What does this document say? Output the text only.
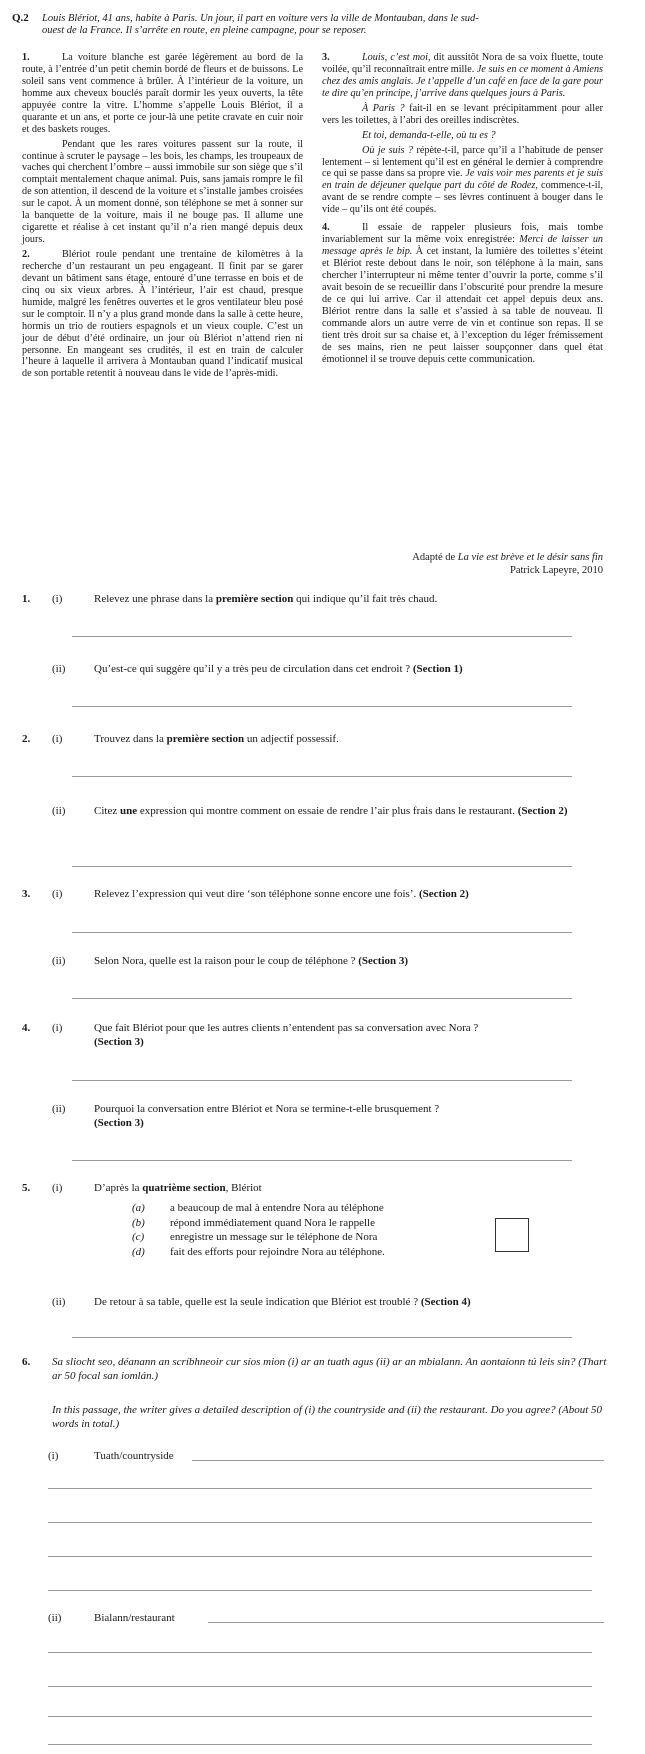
Q.2 Louis Blériot, 41 ans, habite à Paris. Un jour, il part en voiture vers la ville de Montauban, dans le sud-
ouest de la France. Il s’arrête en route, en pleine campagne, pour se reposer.

1.	La voiture blanche est garée légèrement au bord de la route, à l’entrée d’un petit chemin bordé de fleurs et de buissons. Le soleil sans vent commence à brûler. À l’intérieur de la voiture, un homme aux cheveux bouclés paraît dormir les yeux ouverts, la tête appuyée contre la vitre. L’homme s’appelle Louis Blériot, il a quarante et un ans, et porte ce jour-là une petite cravate en cuir noir et des baskets rouges.

Pendant que les rares voitures passent sur la route, il continue à scruter le paysage – les bois, les champs, les troupeaux de vaches qui cherchent l’ombre – aussi immobile sur son siège que s’il comptait mentalement chaque animal. Puis, sans jamais rompre le fil de son attention, il descend de la voiture et s’installe jambes croisées sur le capot. À un moment donné, son téléphone se met à sonner sur la banquette de la voiture, mais il ne bouge pas. Il allume une cigarette et réalise à cet instant qu’il n’a rien mangé depuis deux jours.

2.	Blériot roule pendant une trentaine de kilomètres à la recherche d’un restaurant un peu engageant. Il finit par se garer devant un bâtiment sans étage, entouré d’une terrasse en bois et de cinq ou six vieux arbres. À l’intérieur, l’air est chaud, presque humide, malgré les fenêtres ouvertes et le gros ventilateur bleu posé sur le comptoir. Il n’y a plus grand monde dans la salle à cette heure, hormis un trio de routiers espagnols et un vieux couple. C’est un jour de début d’été ordinaire, un jour où Blériot n’attend rien ni personne. En mangeant ses crudités, il est en train de calculer l’heure à laquelle il arrivera à Montauban quand l’indicatif musical de son portable retentit à nouveau dans le vide de l’après-midi.

3.	Louis, c’est moi, dit aussitôt Nora de sa voix fluette, toute voilée, qu’il reconnaîtrait entre mille. Je suis en ce moment à Amiens chez des amis anglais. Je t’appelle d’un café en face de la gare pour te dire qu’en principe, j’arrive dans quelques jours à Paris.

À Paris ? fait-il en se levant précipitamment pour aller vers les toilettes, à l’abri des oreilles indiscrètes.

Et toi, demanda-t-elle, où tu es ?

Où je suis ? répète-t-il, parce qu’il a l’habitude de penser lentement – si lentement qu’il est en général le dernier à comprendre ce qui se passe dans sa propre vie. Je vais voir mes parents et je suis en train de déjeuner quelque part du côté de Rodez, commence-t-il, avant de se rendre compte – ses lèvres continuent à bouger dans le vide – qu’ils ont été coupés.

4.	Il essaie de rappeler plusieurs fois, mais tombe invariablement sur la même voix enregistrée: Merci de laisser un message après le bip. À cet instant, la lumière des toilettes s’éteint et Blériot reste debout dans le noir, son téléphone à la main, sans chercher l’interrupteur ni même tenter d’ouvrir la porte, comme s’il avait besoin de se recueillir dans l’obscurité pour prendre la mesure de ce qui lui arrive. Car il attendait cet appel depuis deux ans. Blériot rentre dans la salle et s’assied à sa table de nouveau. Il commande alors un autre verre de vin et continue son repas. Il se tient très droit sur sa chaise et, à l’exception du léger frémissement de ses mains, rien ne peut laisser soupçonner dans quel état émotionnel il se trouve depuis cette communication.

Adapté de La vie est brève et le désir sans fin
Patrick Lapeyre, 2010
1. (i)	Relevez une phrase dans la première section qui indique qu’il fait très chaud.
(ii)	Qu’est-ce qui suggère qu’il y a très peu de circulation dans cet endroit ? (Section 1)
2. (i)	Trouvez dans la première section un adjectif possessif.
(ii)	Citez une expression qui montre comment on essaie de rendre l’air plus frais dans le restaurant. (Section 2)
3. (i)	Relevez l’expression qui veut dire ‘son téléphone sonne encore une fois’. (Section 2)
(ii)	Selon Nora, quelle est la raison pour le coup de téléphone ? (Section 3)
4. (i)	Que fait Blériot pour que les autres clients n’entendent pas sa conversation avec Nora ?
(Section 3)
(ii)	Pourquoi la conversation entre Blériot et Nora se termine-t-elle brusquement ?
(Section 3)
5. (i)	D’après la quatrième section, Blériot
(a) a beaucoup de mal à entendre Nora au téléphone
(b) répond immédiatement quand Nora le rappelle
(c) enregistre un message sur le téléphone de Nora
(d) fait des efforts pour rejoindre Nora au téléphone.
(ii)	De retour à sa table, quelle est la seule indication que Blériot est troublé ? (Section 4)
6. Sa sliocht seo, déanann an scríbhneoir cur síos mion (i) ar an tuath agus (ii) ar an mbialann. An aontaíonn tú leis sin? (Thart ar 50 focal san iomlán.)
In this passage, the writer gives a detailed description of (i) the countryside and (ii) the restaurant. Do you agree? (About 50 words in total.)
(i)	Tuath/countryside
(ii)	Bialann/restaurant
